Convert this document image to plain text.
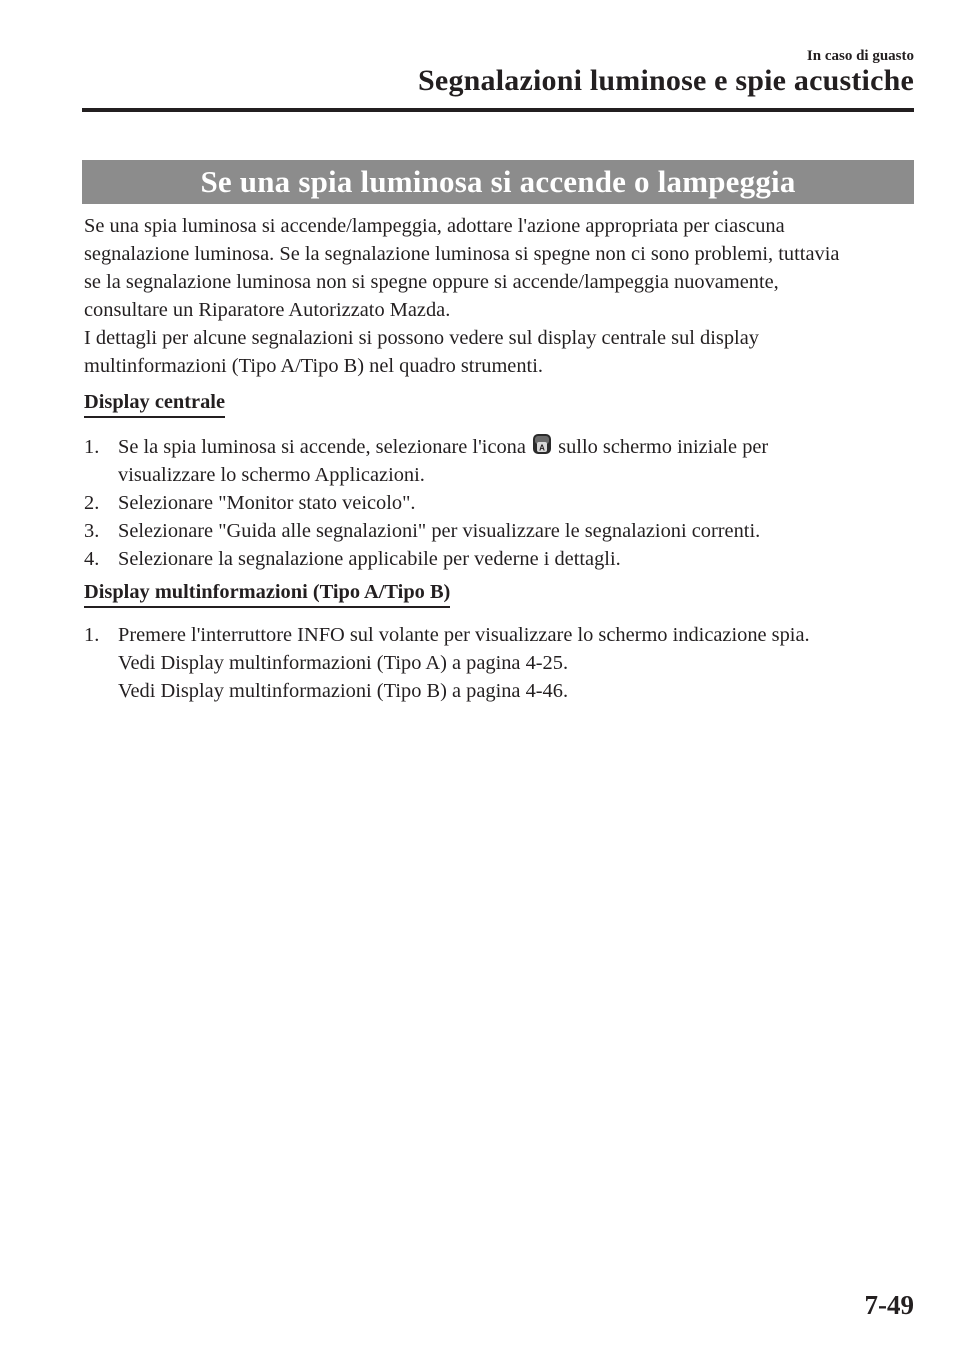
In caso di guasto
Segnalazioni luminose e spie acustiche
Se una spia luminosa si accende o lampeggia

Se una spia luminosa si accende/lampeggia, adottare l'azione appropriata per ciascuna
segnalazione luminosa. Se la segnalazione luminosa si spegne non ci sono problemi, tuttavia
se la segnalazione luminosa non si spegne oppure si accende/lampeggia nuovamente,
consultare un Riparatore Autorizzato Mazda.
I dettagli per alcune segnalazioni si possono vedere sul display centrale sul display
multinformazioni (Tipo A/Tipo B) nel quadro strumenti.

Display centrale
1. Se la spia luminosa si accende, selezionare l'icona A sullo schermo iniziale per
visualizzare lo schermo Applicazioni.
2. Selezionare "Monitor stato veicolo".
3. Selezionare "Guida alle segnalazioni" per visualizzare le segnalazioni correnti.
4. Selezionare la segnalazione applicabile per vederne i dettagli.
Display multinformazioni (Tipo A/Tipo B)
1. Premere l'interruttore INFO sul volante per visualizzare lo schermo indicazione spia.
Vedi Display multinformazioni (Tipo A) a pagina 4-25.
Vedi Display multinformazioni (Tipo B) a pagina 4-46.
7-49
